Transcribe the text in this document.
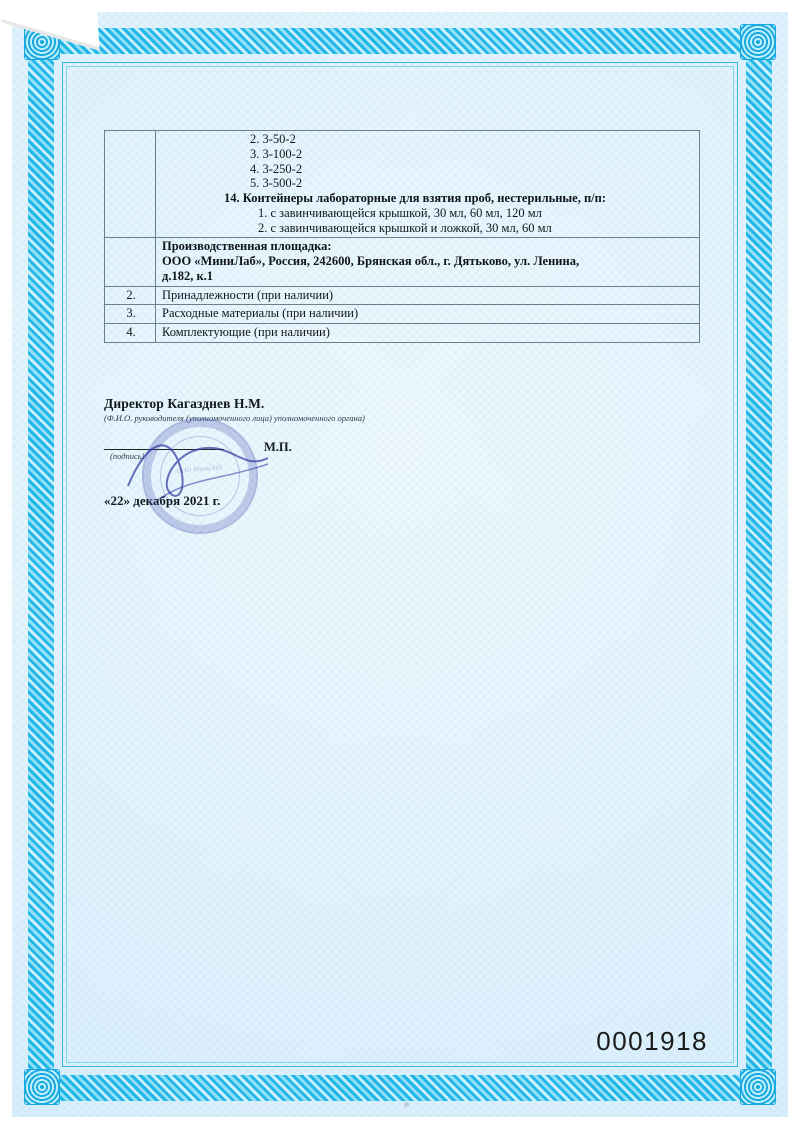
2. 3-50-2
3. 3-100-2
4. 3-250-2
5. 3-500-2
14. Контейнеры лабораторные для взятия проб, нестерильные, п/п:
1. с завинчивающейся крышкой, 30 мл, 60 мл, 120 мл
2. с завинчивающейся крышкой и ложкой, 30 мл, 60 мл

	Производственная площадка:
ООО «МиниЛаб», Россия, 242600, Брянская обл., г. Дятьково, ул. Ленина,
д.182, к.1

2.	Принадлежности (при наличии)
3.	Расходные материалы (при наличии)
4.	Комплектующие (при наличии)
Директор Кагазднев Н.М.
(Ф.И.О. руководителя (уполномоченного лица) уполномоченного органа)
(подпись)
М.П.
«22» декабря 2021 г.
ООО МиниЛаб
0001918
